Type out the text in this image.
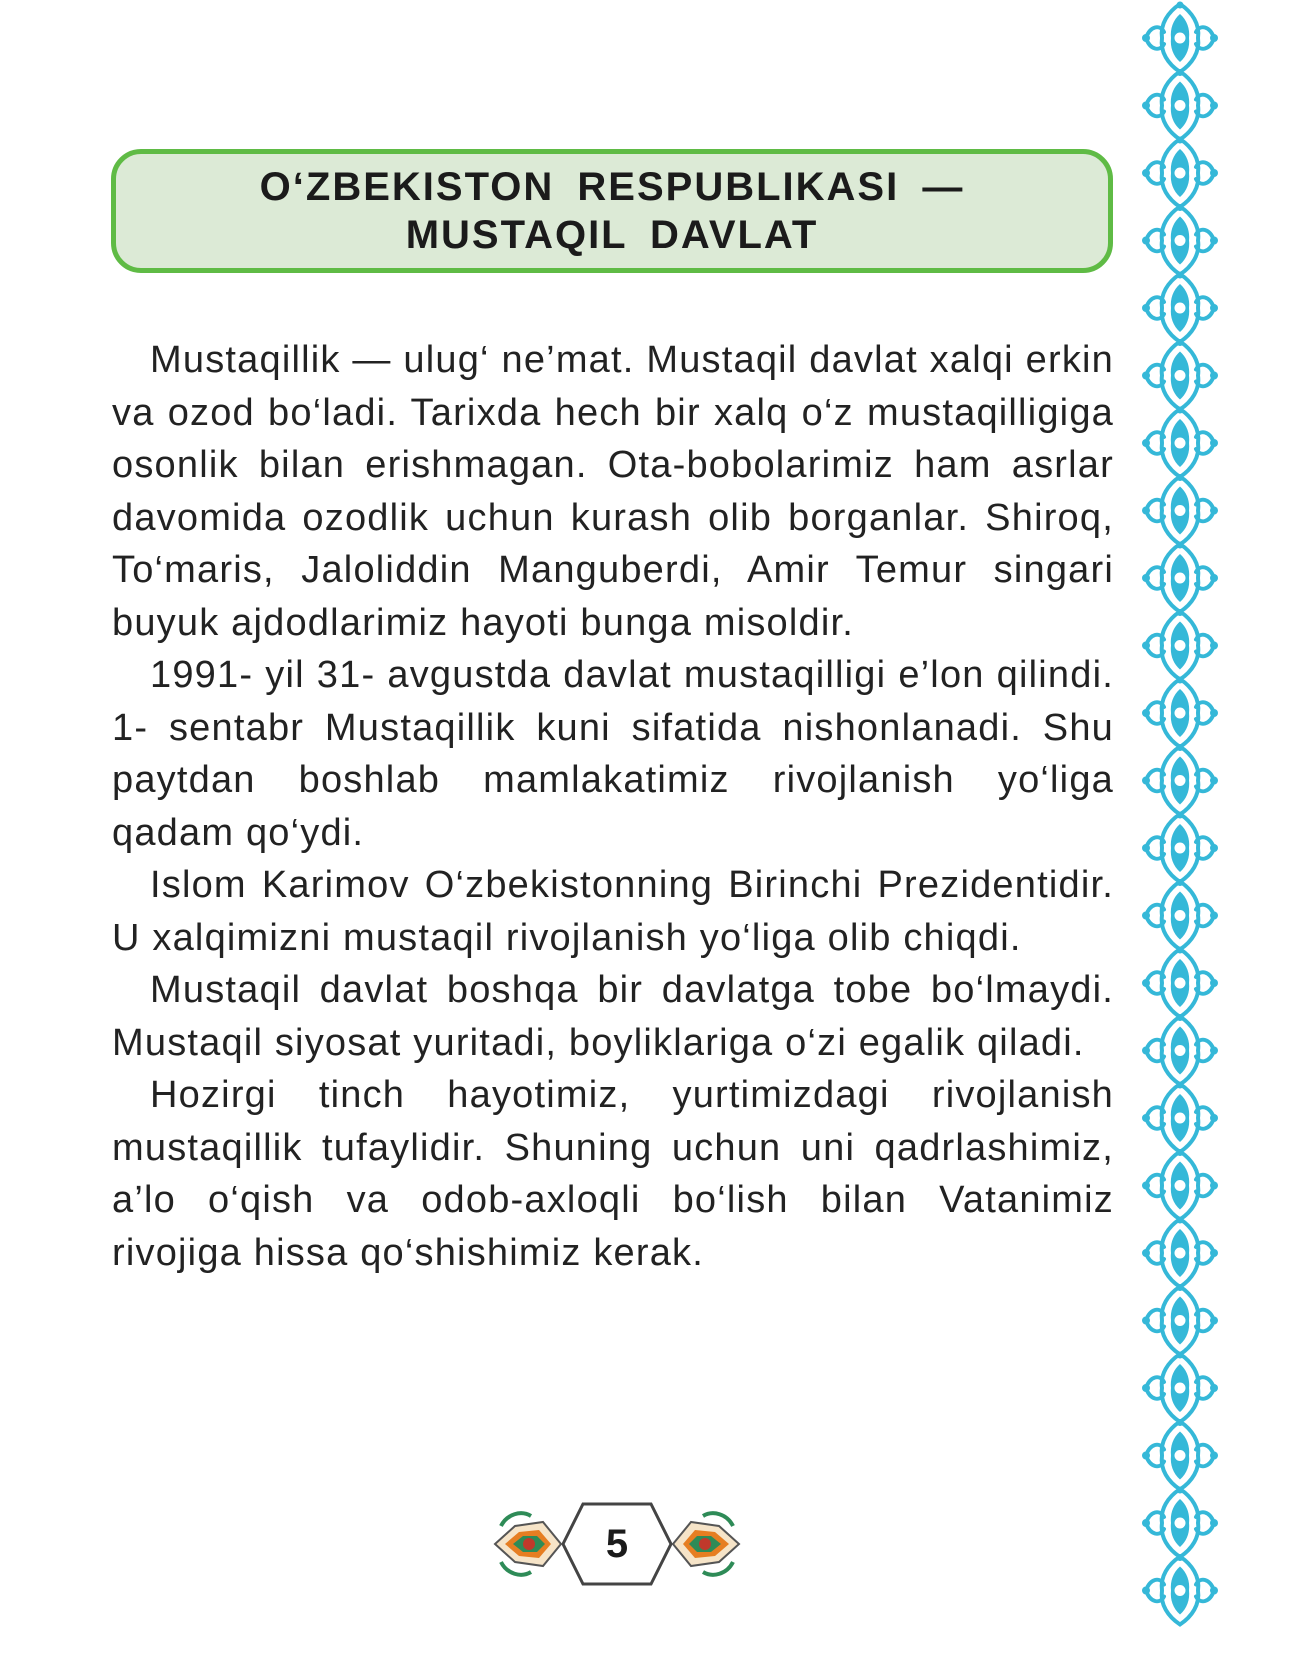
O‘ZBEKISTON RESPUBLIKASI —
MUSTAQIL DAVLAT

Mustaqillik — ulug‘ ne’mat. Mustaqil davlat xalqi erkin va ozod bo‘ladi. Tarixda hech bir xalq o‘z mustaqilligiga osonlik bilan erishmagan. Ota-bobolarimiz ham asrlar davomida ozodlik uchun kurash olib borganlar. Shiroq, To‘maris, Jaloliddin Manguberdi, Amir Temur singari buyuk ajdodlarimiz hayoti bunga misoldir.

1991- yil 31- avgustda davlat mustaqilligi e’lon qilindi. 1- sentabr Mustaqillik kuni sifatida nishonlanadi. Shu paytdan boshlab mamlakatimiz rivojlanish yo‘liga qadam qo‘ydi.

Islom Karimov O‘zbekistonning Birinchi Prezidentidir. U xalqimizni mustaqil rivojlanish yo‘liga olib chiqdi.

Mustaqil davlat boshqa bir davlatga tobe bo‘lmaydi. Mustaqil siyosat yuritadi, boyliklariga o‘zi egalik qiladi.

Hozirgi tinch hayotimiz, yurtimizdagi rivojlanish mustaqillik tufaylidir. Shuning uchun uni qadrlashimiz, a’lo o‘qish va odob-axloqli bo‘lish bilan Vatanimiz rivojiga hissa qo‘shishimiz kerak.

5
